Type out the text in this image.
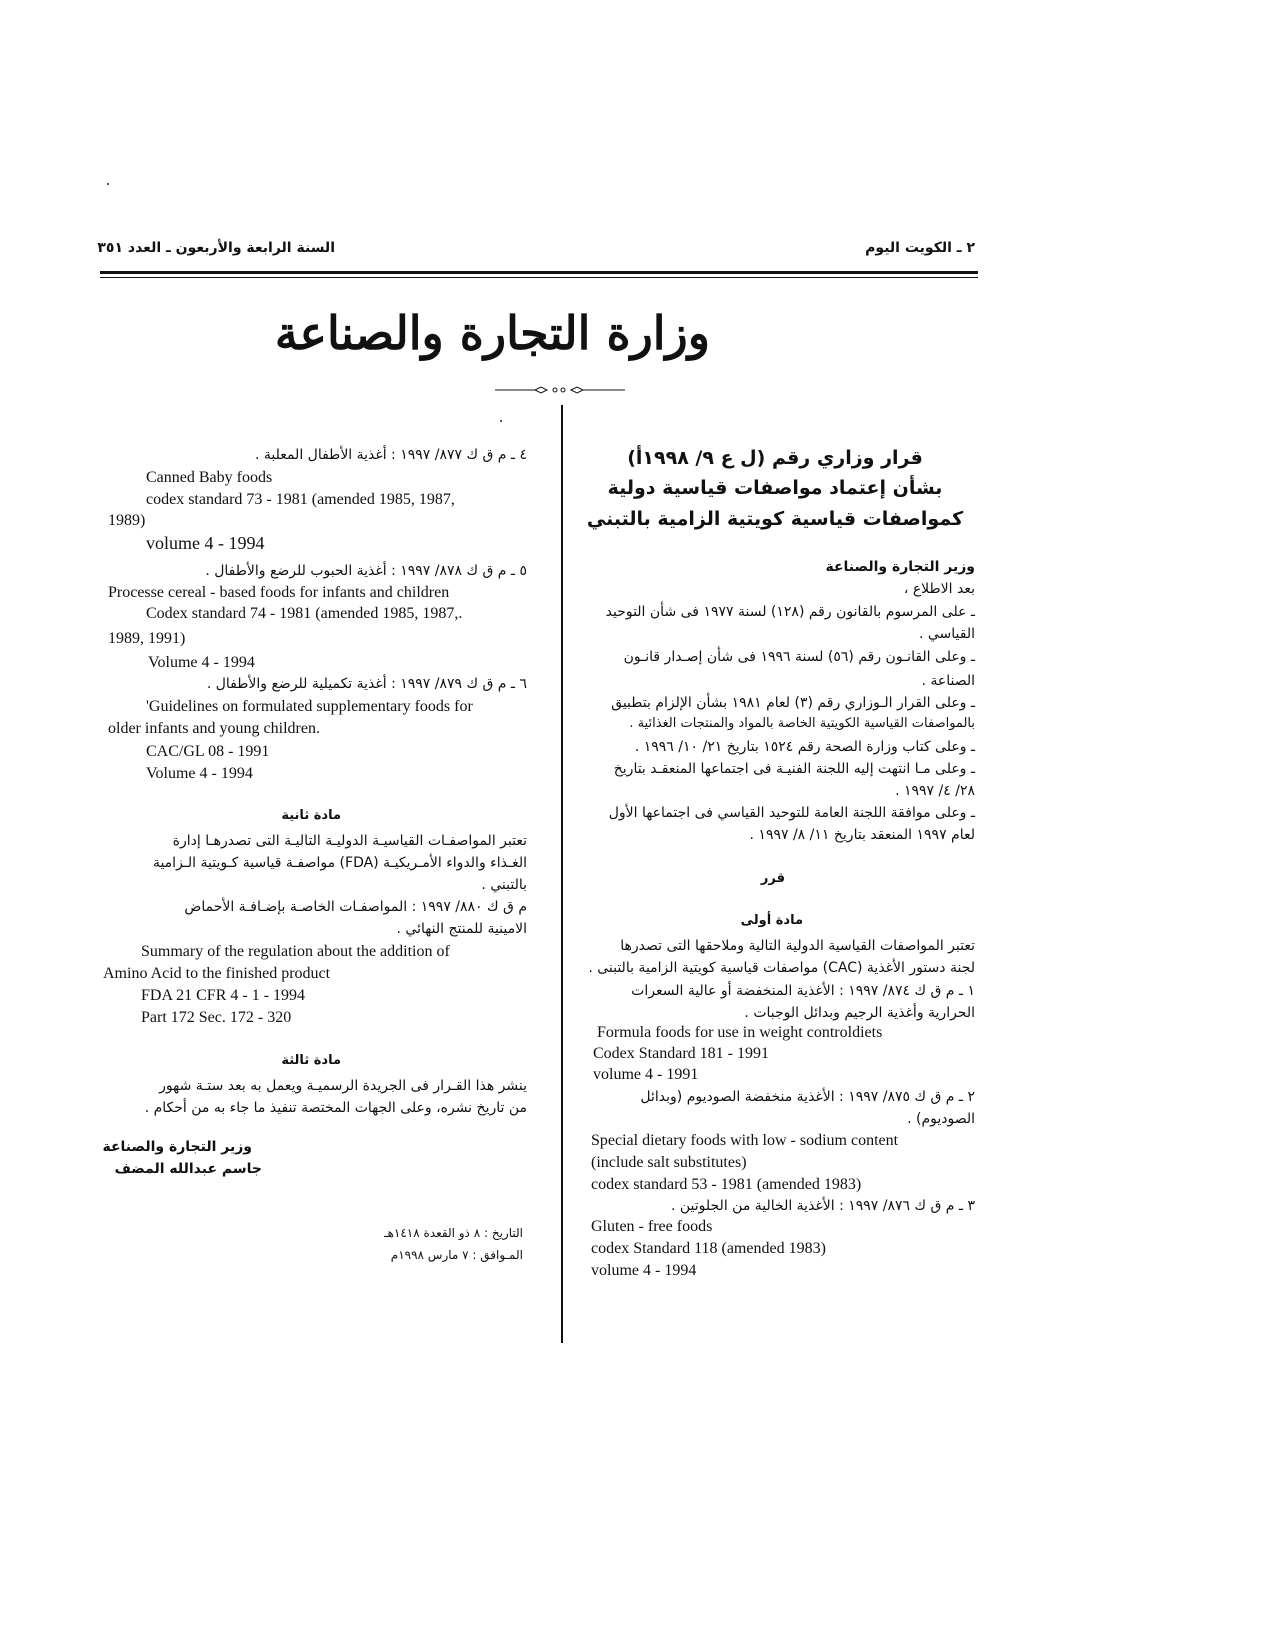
٢ ـ الكويت اليوم
السنة الرابعة والأربعون ـ العدد ٣٥١
وزارة التجارة والصناعة
قرار وزاري رقم (ل ع ٩/ ١٩٩٨أ)
بشأن إعتماد مواصفات قياسية دولية
كمواصفات قياسية كويتية الزامية بالتبني
وزير التجارة والصناعة
بعد الاطلاع ،
ـ على المرسوم بالقانون رقم (١٢٨) لسنة ١٩٧٧ فى شأن التوحيد
القياسي .
ـ وعلى القانـون رقم (٥٦) لسنة ١٩٩٦ فى شأن إصـدار قانـون
الصناعة .
ـ وعلى القرار الـوزاري رقم (٣) لعام ١٩٨١ بشأن الإلزام بتطبيق
بالمواصفات القياسية الكويتية الخاصة بالمواد والمنتجات الغذائية .
ـ وعلى كتاب وزارة الصحة رقم ١٥٢٤ بتاريخ ٢١/ ١٠/ ١٩٩٦ .
ـ وعلى مـا انتهت إليه اللجنة الفنيـة فى اجتماعها المنعقـد بتاريخ
٢٨/ ٤/ ١٩٩٧ .
ـ وعلى موافقة اللجنة العامة للتوحيد القياسي فى اجتماعها الأول
لعام ١٩٩٧ المنعقد بتاريخ ١١/ ٨/ ١٩٩٧ .
قرر
مادة أولى
تعتبر المواصفات القياسية الدولية التالية وملاحقها التى تصدرها
لجنة دستور الأغذية (CAC) مواصفات قياسية كويتية الزامية بالتبنى .
١ ـ م ق ك ٨٧٤/ ١٩٩٧ : الأغذية المنخفضة أو عالية السعرات
الحرارية وأغذية الرجيم وبدائل الوجبات .
Formula foods for use in weight controldiets
Codex Standard 181 - 1991
volume 4 - 1991
٢ ـ م ق ك ٨٧٥/ ١٩٩٧ : الأغذية منخفضة الصوديوم (وبدائل
الصوديوم) .
Special dietary foods with low - sodium content
(include salt substitutes)
codex standard 53 - 1981 (amended 1983)
٣ ـ م ق ك ٨٧٦/ ١٩٩٧ : الأغذية الخالية من الجلوتين .
Gluten - free foods
codex Standard 118 (amended 1983)
volume 4 - 1994
٤ ـ م ق ك ٨٧٧/ ١٩٩٧ : أغذية الأطفال المعلبة .
Canned Baby foods
codex standard 73 - 1981 (amended 1985, 1987,
1989)
volume 4 - 1994
٥ ـ م ق ك ٨٧٨/ ١٩٩٧ : أغذية الحبوب للرضع والأطفال .
Processe cereal - based foods for infants and children
Codex standard 74 - 1981 (amended 1985, 1987,.
1989, 1991)
Volume 4 - 1994
٦ ـ م ق ك ٨٧٩/ ١٩٩٧ : أغذية تكميلية للرضع والأطفال .
'Guidelines on formulated supplementary foods for
older infants and young children.
CAC/GL 08 - 1991
Volume 4 - 1994
مادة ثانية
تعتبر المواصفـات القياسيـة الدوليـة التاليـة التى تصدرهـا إدارة
الغـذاء والدواء الأمـريكيـة (FDA) مواصفـة قياسية كـويتية الـزامية
بالتبني .
م ق ك ٨٨٠/ ١٩٩٧ : المواصفـات الخاصـة بإضـافـة الأحماض
الامينية للمنتج النهائي .
Summary of the regulation about the addition of
Amino Acid to the finished product
FDA 21 CFR 4 - 1 - 1994
Part 172 Sec. 172 - 320
مادة ثالثة
ينشر هذا القـرار فى الجريدة الرسميـة ويعمل به بعد ستـة شهور
من تاريخ نشره، وعلى الجهات المختصة تنفيذ ما جاء به من أحكام .
وزير التجارة والصناعة
جاسم عبدالله المضف
التاريخ : ٨ ذو القعدة ١٤١٨هـ
المـوافق : ٧ مارس ١٩٩٨م
